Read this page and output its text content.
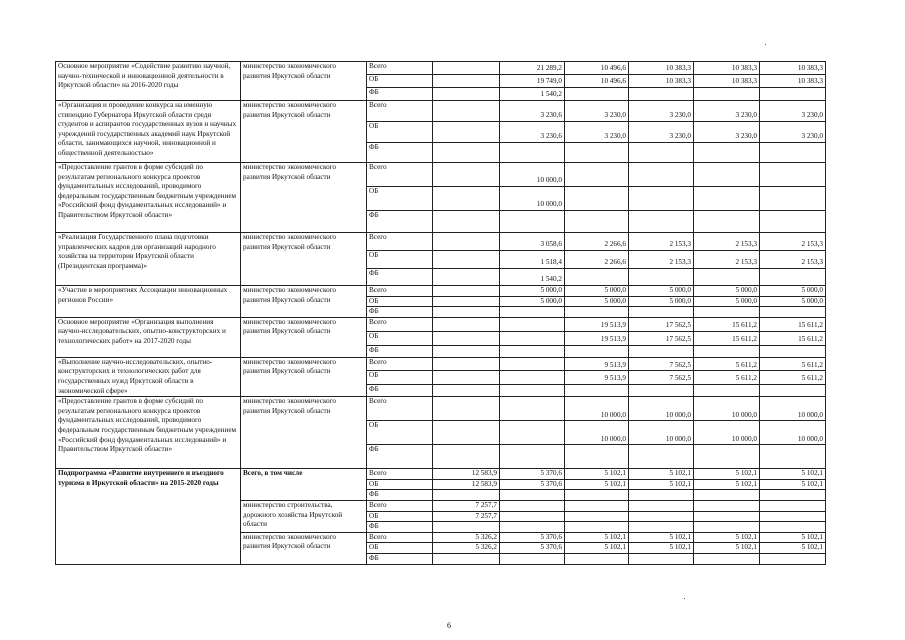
Основное мероприятие «Содействие развитию научной, научно-технической и инновационной деятельности в Иркутской области» на 2016-2020 годы	министерство экономического развития Иркутской области	Всего		21 289,2	10 496,6	10 383,3	10 383,3	10 383,3
		ОБ		19 749,0	10 496,6	10 383,3	10 383,3	10 383,3
		ФБ		1 540,2				
«Организация и проведение конкурса на именную стипендию Губернатора Иркутской области среди студентов и аспирантов государственных вузов и научных учреждений государственных академий наук Иркутской области, занимающихся научной, инновационной и общественной деятельностью»	министерство экономического развития Иркутской области	Всего		3 230,6	3 230,0	3 230,0	3 230,0	3 230,0
		ОБ		3 230,6	3 230,0	3 230,0	3 230,0	3 230,0
		ФБ						
«Предоставление грантов в форме субсидий по результатам регионального конкурса проектов фундаментальных исследований, проводимого федеральным государственным бюджетным учреждением «Российский фонд фундаментальных исследований» и Правительством Иркутской области»	министерство экономического развития Иркутской области	Всего		10 000,0				
		ОБ		10 000,0				
		ФБ						
«Реализация Государственного плана подготовки управленческих кадров для организаций народного хозяйства на территории Иркутской области (Президентская программа)»	министерство экономического развития Иркутской области	Всего		3 058,6	2 266,6	2 153,3	2 153,3	2 153,3
		ОБ		1 518,4	2 266,6	2 153,3	2 153,3	2 153,3
		ФБ		1 540,2				
«Участие в мероприятиях Ассоциации инновационных регионов России»	министерство экономического развития Иркутской области	Всего		5 000,0	5 000,0	5 000,0	5 000,0	5 000,0
		ОБ		5 000,0	5 000,0	5 000,0	5 000,0	5 000,0
		ФБ						
Основное мероприятие «Организация выполнения научно-исследовательских, опытно-конструкторских и технологических работ» на 2017-2020 годы	министерство экономического развития Иркутской области	Всего			19 513,9	17 562,5	15 611,2	15 611,2
		ОБ			19 513,9	17 562,5	15 611,2	15 611,2
		ФБ						
«Выполнение научно-исследовательских, опытно-конструкторских и технологических работ для государственных нужд Иркутской области в экономической сфере»	министерство экономического развития Иркутской области	Всего			9 513,9	7 562,5	5 611,2	5 611,2
		ОБ			9 513,9	7 562,5	5 611,2	5 611,2
		ФБ						
«Предоставление грантов в форме субсидий по результатам регионального конкурса проектов фундаментальных исследований, проводимого федеральным государственным бюджетным учреждением «Российский фонд фундаментальных исследований» и Правительством Иркутской области»	министерство экономического развития Иркутской области	Всего			10 000,0	10 000,0	10 000,0	10 000,0
		ОБ			10 000,0	10 000,0	10 000,0	10 000,0
		ФБ						
Подпрограмма «Развитие внутреннего и въездного туризма в Иркутской области» на 2015-2020 годы	Всего, в том числе	Всего	12 583,9	5 370,6	5 102,1	5 102,1	5 102,1	5 102,1
		ОБ	12 583,9	5 370,6	5 102,1	5 102,1	5 102,1	5 102,1
		ФБ						
	министерство строительства, дорожного хозяйства Иркутской области	Всего	7 257,7					
		ОБ	7 257,7					
		ФБ						
	министерство экономического развития Иркутской области	Всего	5 326,2	5 370,6	5 102,1	5 102,1	5 102,1	5 102,1
		ОБ	5 326,2	5 370,6	5 102,1	5 102,1	5 102,1	5 102,1
		ФБ						
6
